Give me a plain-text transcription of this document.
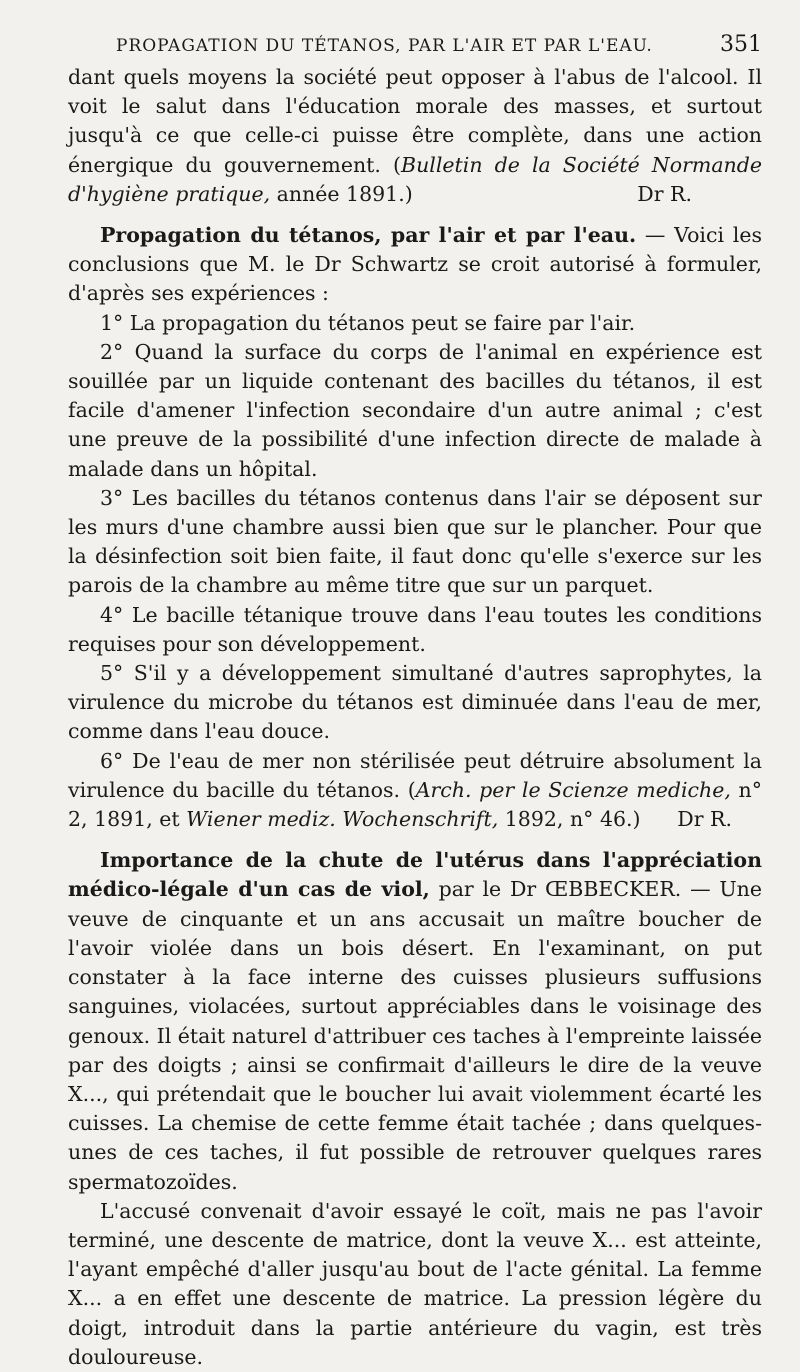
PROPAGATION DU TÉTANOS, PAR L'AIR ET PAR L'EAU.	351

dant quels moyens la société peut opposer à l'abus de l'alcool. Il voit le salut dans l'éducation morale des masses, et surtout jusqu'à ce que celle-ci puisse être complète, dans une action énergique du gouvernement. (Bulletin de la Société Normande d'hygiène pratique, année 1891.)	Dr R.

Propagation du tétanos, par l'air et par l'eau. — Voici les conclusions que M. le Dr Schwartz se croit autorisé à formuler, d'après ses expériences :

1° La propagation du tétanos peut se faire par l'air.

2° Quand la surface du corps de l'animal en expérience est souillée par un liquide contenant des bacilles du tétanos, il est facile d'amener l'infection secondaire d'un autre animal ; c'est une preuve de la possibilité d'une infection directe de malade à malade dans un hôpital.

3° Les bacilles du tétanos contenus dans l'air se déposent sur les murs d'une chambre aussi bien que sur le plancher. Pour que la désinfection soit bien faite, il faut donc qu'elle s'exerce sur les parois de la chambre au même titre que sur un parquet.

4° Le bacille tétanique trouve dans l'eau toutes les conditions requises pour son développement.

5° S'il y a développement simultané d'autres saprophytes, la virulence du microbe du tétanos est diminuée dans l'eau de mer, comme dans l'eau douce.

6° De l'eau de mer non stérilisée peut détruire absolument la virulence du bacille du tétanos. (Arch. per le Scienze mediche, n° 2, 1891, et Wiener mediz. Wochenschrift, 1892, n° 46.)	Dr R.

Importance de la chute de l'utérus dans l'appréciation médico-légale d'un cas de viol, par le Dr ŒBBECKER. — Une veuve de cinquante et un ans accusait un maître boucher de l'avoir violée dans un bois désert. En l'examinant, on put constater à la face interne des cuisses plusieurs suffusions sanguines, violacées, surtout appréciables dans le voisinage des genoux. Il était naturel d'attribuer ces taches à l'empreinte laissée par des doigts ; ainsi se confirmait d'ailleurs le dire de la veuve X..., qui prétendait que le boucher lui avait violemment écarté les cuisses. La chemise de cette femme était tachée ; dans quelques-unes de ces taches, il fut possible de retrouver quelques rares spermatozoïdes.

L'accusé convenait d'avoir essayé le coït, mais ne pas l'avoir terminé, une descente de matrice, dont la veuve X... est atteinte, l'ayant empêché d'aller jusqu'au bout de l'acte génital. La femme X... a en effet une descente de matrice. La pression légère du doigt, introduit dans la partie antérieure du vagin, est très douloureuse.
